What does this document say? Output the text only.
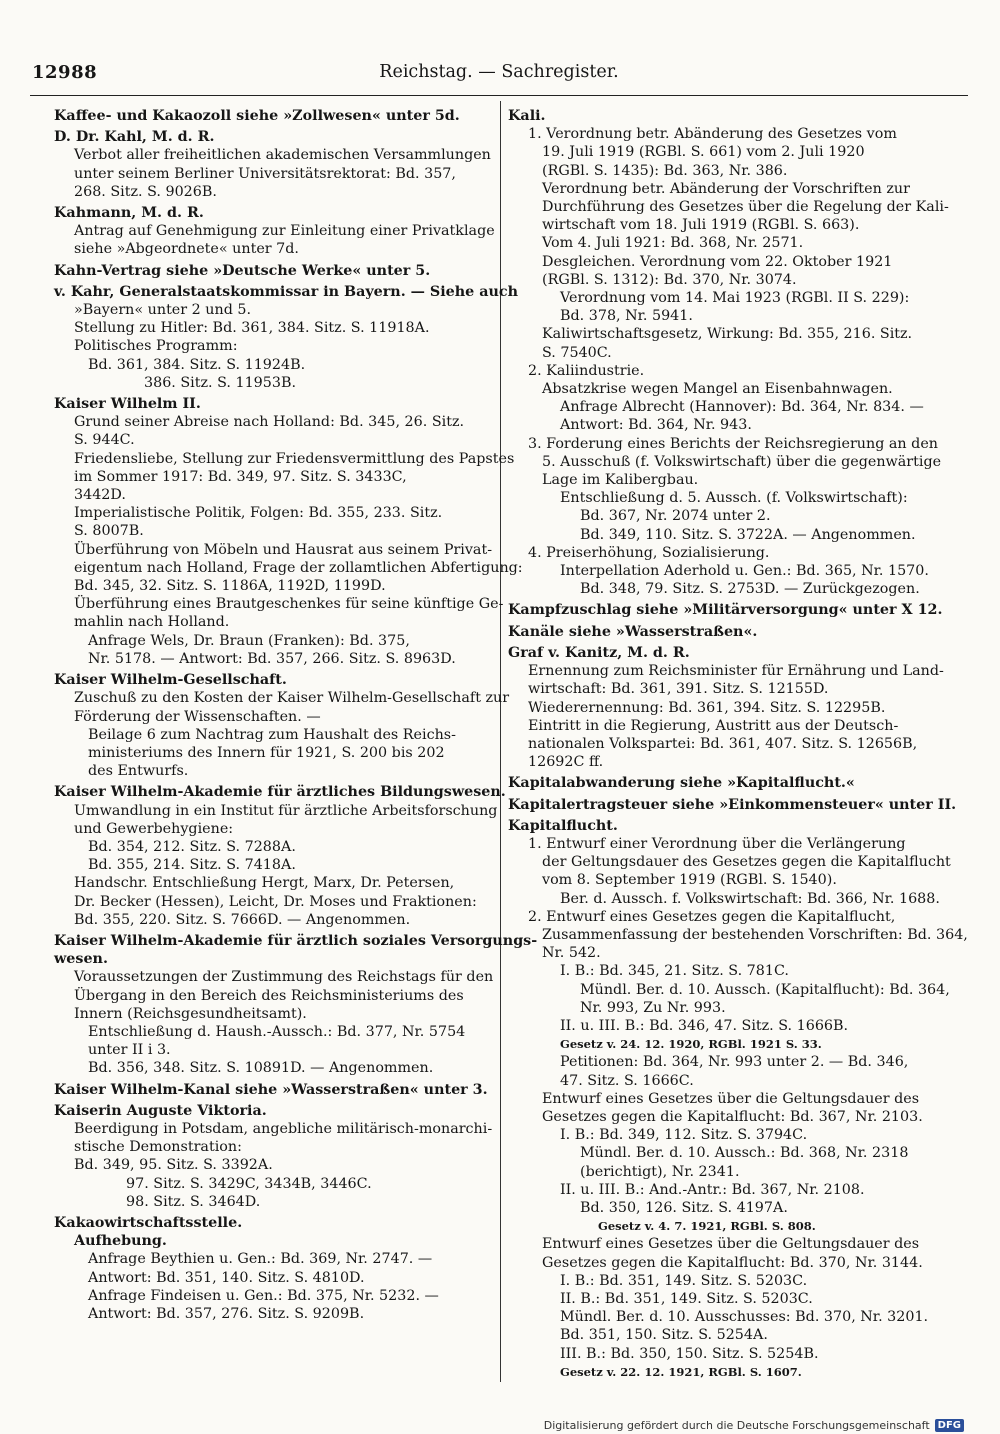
12988	Reichstag. — Sachregister.
Kaffee- und Kakaozoll siehe »Zollwesen« unter 5d.
D. Dr. Kahl, M. d. R.
Verbot aller freiheitlichen akademischen Versammlungen
unter seinem Berliner Universitätsrektorat: Bd. 357,
268. Sitz. S. 9026B.
Kahmann, M. d. R.
Antrag auf Genehmigung zur Einleitung einer Privatklage
siehe »Abgeordnete« unter 7d.
Kahn-Vertrag siehe »Deutsche Werke« unter 5.
v. Kahr, Generalstaatskommissar in Bayern. — Siehe auch
»Bayern« unter 2 und 5.
Stellung zu Hitler: Bd. 361, 384. Sitz. S. 11918A.
Politisches Programm:
Bd. 361, 384. Sitz. S. 11924B.
386. Sitz. S. 11953B.
Kaiser Wilhelm II.
Grund seiner Abreise nach Holland: Bd. 345, 26. Sitz.
S. 944C.
Friedensliebe, Stellung zur Friedensvermittlung des Papstes
im Sommer 1917: Bd. 349, 97. Sitz. S. 3433C,
3442D.
Imperialistische Politik, Folgen: Bd. 355, 233. Sitz.
S. 8007B.
Überführung von Möbeln und Hausrat aus seinem Privat-
eigentum nach Holland, Frage der zollamtlichen Abfertigung:
Bd. 345, 32. Sitz. S. 1186A, 1192D, 1199D.
Überführung eines Brautgeschenkes für seine künftige Ge-
mahlin nach Holland.
Anfrage Wels, Dr. Braun (Franken): Bd. 375,
Nr. 5178. — Antwort: Bd. 357, 266. Sitz. S. 8963D.
Kaiser Wilhelm-Gesellschaft.
Zuschuß zu den Kosten der Kaiser Wilhelm-Gesellschaft zur
Förderung der Wissenschaften. —
Beilage 6 zum Nachtrag zum Haushalt des Reichs-
ministeriums des Innern für 1921, S. 200 bis 202
des Entwurfs.
Kaiser Wilhelm-Akademie für ärztliches Bildungswesen.
Umwandlung in ein Institut für ärztliche Arbeitsforschung
und Gewerbehygiene:
Bd. 354, 212. Sitz. S. 7288A.
Bd. 355, 214. Sitz. S. 7418A.
Handschr. Entschließung Hergt, Marx, Dr. Petersen,
Dr. Becker (Hessen), Leicht, Dr. Moses und Fraktionen:
Bd. 355, 220. Sitz. S. 7666D. — Angenommen.
Kaiser Wilhelm-Akademie für ärztlich soziales Versorgungs-
wesen.
Voraussetzungen der Zustimmung des Reichstags für den
Übergang in den Bereich des Reichsministeriums des
Innern (Reichsgesundheitsamt).
Entschließung d. Haush.-Aussch.: Bd. 377, Nr. 5754
unter II i 3.
Bd. 356, 348. Sitz. S. 10891D. — Angenommen.
Kaiser Wilhelm-Kanal siehe »Wasserstraßen« unter 3.
Kaiserin Auguste Viktoria.
Beerdigung in Potsdam, angebliche militärisch-monarchi-
stische Demonstration:
Bd. 349, 95. Sitz. S. 3392A.
97. Sitz. S. 3429C, 3434B, 3446C.
98. Sitz. S. 3464D.
Kakaowirtschaftsstelle.
Aufhebung.
Anfrage Beythien u. Gen.: Bd. 369, Nr. 2747. —
Antwort: Bd. 351, 140. Sitz. S. 4810D.
Anfrage Findeisen u. Gen.: Bd. 375, Nr. 5232. —
Antwort: Bd. 357, 276. Sitz. S. 9209B.
Kali.
1. Verordnung betr. Abänderung des Gesetzes vom
19. Juli 1919 (RGBl. S. 661) vom 2. Juli 1920
(RGBl. S. 1435): Bd. 363, Nr. 386.
Verordnung betr. Abänderung der Vorschriften zur
Durchführung des Gesetzes über die Regelung der Kali-
wirtschaft vom 18. Juli 1919 (RGBl. S. 663).
Vom 4. Juli 1921: Bd. 368, Nr. 2571.
Desgleichen. Verordnung vom 22. Oktober 1921
(RGBl. S. 1312): Bd. 370, Nr. 3074.
Verordnung vom 14. Mai 1923 (RGBl. II S. 229):
Bd. 378, Nr. 5941.
Kaliwirtschaftsgesetz, Wirkung: Bd. 355, 216. Sitz.
S. 7540C.
2. Kaliindustrie.
Absatzkrise wegen Mangel an Eisenbahnwagen.
Anfrage Albrecht (Hannover): Bd. 364, Nr. 834. —
Antwort: Bd. 364, Nr. 943.
3. Forderung eines Berichts der Reichsregierung an den
5. Ausschuß (f. Volkswirtschaft) über die gegenwärtige
Lage im Kalibergbau.
Entschließung d. 5. Aussch. (f. Volkswirtschaft):
Bd. 367, Nr. 2074 unter 2.
Bd. 349, 110. Sitz. S. 3722A. — Angenommen.
4. Preiserhöhung, Sozialisierung.
Interpellation Aderhold u. Gen.: Bd. 365, Nr. 1570.
Bd. 348, 79. Sitz. S. 2753D. — Zurückgezogen.
Kampfzuschlag siehe »Militärversorgung« unter X 12.
Kanäle siehe »Wasserstraßen«.
Graf v. Kanitz, M. d. R.
Ernennung zum Reichsminister für Ernährung und Land-
wirtschaft: Bd. 361, 391. Sitz. S. 12155D.
Wiederernennung: Bd. 361, 394. Sitz. S. 12295B.
Eintritt in die Regierung, Austritt aus der Deutsch-
nationalen Volkspartei: Bd. 361, 407. Sitz. S. 12656B,
12692C ff.
Kapitalabwanderung siehe »Kapitalflucht.«
Kapitalertragsteuer siehe »Einkommensteuer« unter II.
Kapitalflucht.
1. Entwurf einer Verordnung über die Verlängerung
der Geltungsdauer des Gesetzes gegen die Kapitalflucht
vom 8. September 1919 (RGBl. S. 1540).
Ber. d. Aussch. f. Volkswirtschaft: Bd. 366, Nr. 1688.
2. Entwurf eines Gesetzes gegen die Kapitalflucht,
Zusammenfassung der bestehenden Vorschriften: Bd. 364,
Nr. 542.
I. B.: Bd. 345, 21. Sitz. S. 781C.
Mündl. Ber. d. 10. Aussch. (Kapitalflucht): Bd. 364,
Nr. 993, Zu Nr. 993.
II. u. III. B.: Bd. 346, 47. Sitz. S. 1666B.
Gesetz v. 24. 12. 1920, RGBl. 1921 S. 33.
Petitionen: Bd. 364, Nr. 993 unter 2. — Bd. 346,
47. Sitz. S. 1666C.
Entwurf eines Gesetzes über die Geltungsdauer des
Gesetzes gegen die Kapitalflucht: Bd. 367, Nr. 2103.
I. B.: Bd. 349, 112. Sitz. S. 3794C.
Mündl. Ber. d. 10. Aussch.: Bd. 368, Nr. 2318
(berichtigt), Nr. 2341.
II. u. III. B.: And.-Antr.: Bd. 367, Nr. 2108.
Bd. 350, 126. Sitz. S. 4197A.
Gesetz v. 4. 7. 1921, RGBl. S. 808.
Entwurf eines Gesetzes über die Geltungsdauer des
Gesetzes gegen die Kapitalflucht: Bd. 370, Nr. 3144.
I. B.: Bd. 351, 149. Sitz. S. 5203C.
II. B.: Bd. 351, 149. Sitz. S. 5203C.
Mündl. Ber. d. 10. Ausschusses: Bd. 370, Nr. 3201.
Bd. 351, 150. Sitz. S. 5254A.
III. B.: Bd. 350, 150. Sitz. S. 5254B.
Gesetz v. 22. 12. 1921, RGBl. S. 1607.
Digitalisierung gefördert durch die Deutsche Forschungsgemeinschaft DFG
